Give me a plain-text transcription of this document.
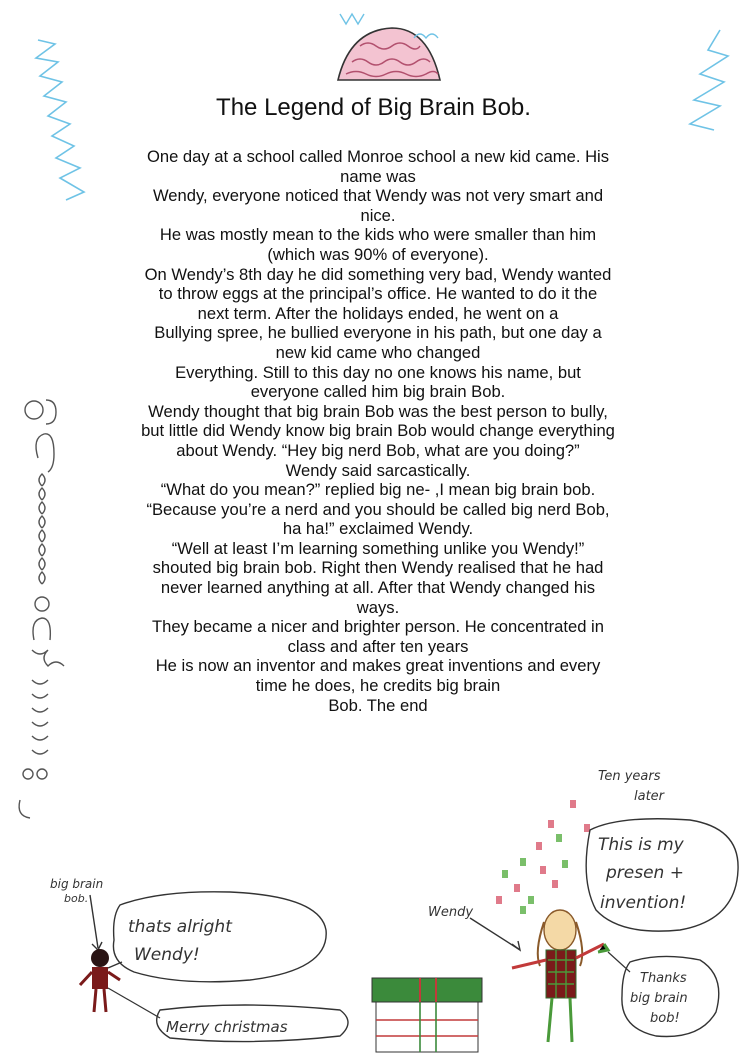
big brain
bob.
thats alright
Wendy!
Merry christmas
Wendy
Ten years
later
This is my
presen +
invention!
Thanks
big brain
bob!
The Legend of Big Brain Bob.

One day at a school called Monroe school a new kid came. His

name was

Wendy, everyone noticed that Wendy was not very smart and

nice.

He was mostly mean to the kids who were smaller than him

(which was 90% of everyone).

On Wendy’s 8th day he did something very bad, Wendy wanted

to throw eggs at the principal’s office. He wanted to do it the

next term. After the holidays ended, he went on a

Bullying spree, he bullied everyone in his path, but one day a

new kid came who changed

Everything. Still to this day no one knows his name, but

everyone called him big brain Bob.

Wendy thought that big brain Bob was the best person to bully,

but little did Wendy know big brain Bob would change everything

about Wendy. “Hey big nerd Bob, what are you doing?”

Wendy said sarcastically.

“What do you mean?” replied big ne- ,I mean big brain bob.

“Because you’re a nerd and you should be called big nerd Bob,

ha ha!” exclaimed Wendy.

“Well at least I’m learning something unlike you Wendy!”

shouted big brain bob. Right then Wendy realised that he had

never learned anything at all. After that Wendy changed his

ways.

They became a nicer and brighter person. He concentrated in

class and after ten years

He is now an inventor and makes great inventions and every

time he does, he credits big brain

Bob. The end
